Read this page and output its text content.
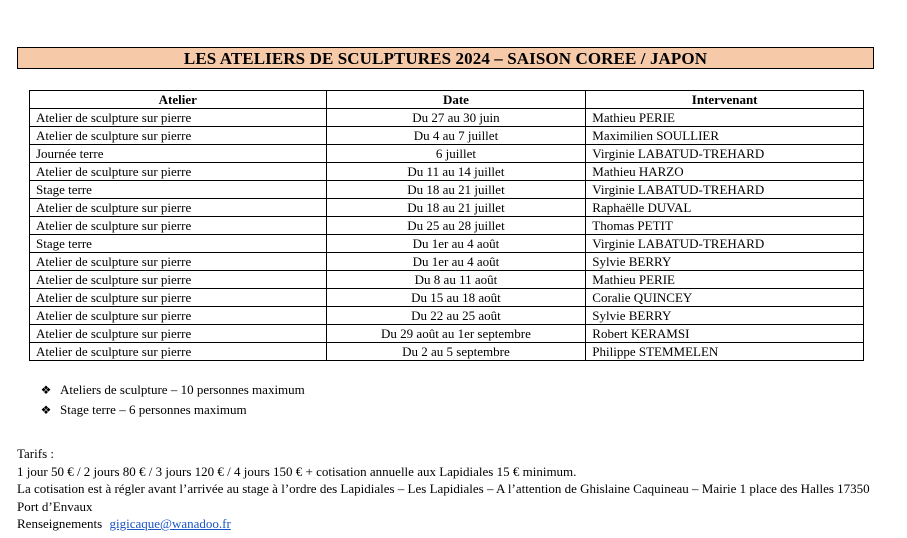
LES ATELIERS DE SCULPTURES 2024 – SAISON COREE / JAPON
Atelier	Date	Intervenant
Atelier de sculpture sur pierre	Du 27 au 30 juin	Mathieu PERIE
Atelier de sculpture sur pierre	Du 4 au 7 juillet	Maximilien SOULLIER
Journée terre	6 juillet	Virginie LABATUD-TREHARD
Atelier de sculpture sur pierre	Du 11 au 14 juillet	Mathieu HARZO
Stage terre	Du 18 au 21 juillet	Virginie LABATUD-TREHARD
Atelier de sculpture sur pierre	Du 18 au 21 juillet	Raphaëlle DUVAL
Atelier de sculpture sur pierre	Du 25 au 28 juillet	Thomas PETIT
Stage terre	Du 1er au 4 août	Virginie LABATUD-TREHARD
Atelier de sculpture sur pierre	Du 1er au 4 août	Sylvie BERRY
Atelier de sculpture sur pierre	Du 8 au 11 août	Mathieu PERIE
Atelier de sculpture sur pierre	Du 15 au 18 août	Coralie QUINCEY
Atelier de sculpture sur pierre	Du 22 au 25 août	Sylvie BERRY
Atelier de sculpture sur pierre	Du 29 août au 1er septembre	Robert KERAMSI
Atelier de sculpture sur pierre	Du 2 au 5 septembre	Philippe STEMMELEN
❖ Ateliers de sculpture – 10 personnes maximum
❖ Stage terre – 6 personnes maximum

Tarifs :

1 jour 50 € / 2 jours 80 € / 3 jours 120 € / 4 jours 150 € + cotisation annuelle aux Lapidiales 15 € minimum.

La cotisation est à régler avant l’arrivée au stage à l’ordre des Lapidiales – Les Lapidiales – A l’attention de Ghislaine Caquineau – Mairie 1 place des Halles 17350 Port d’Envaux

Renseignements gigicaque@wanadoo.fr
